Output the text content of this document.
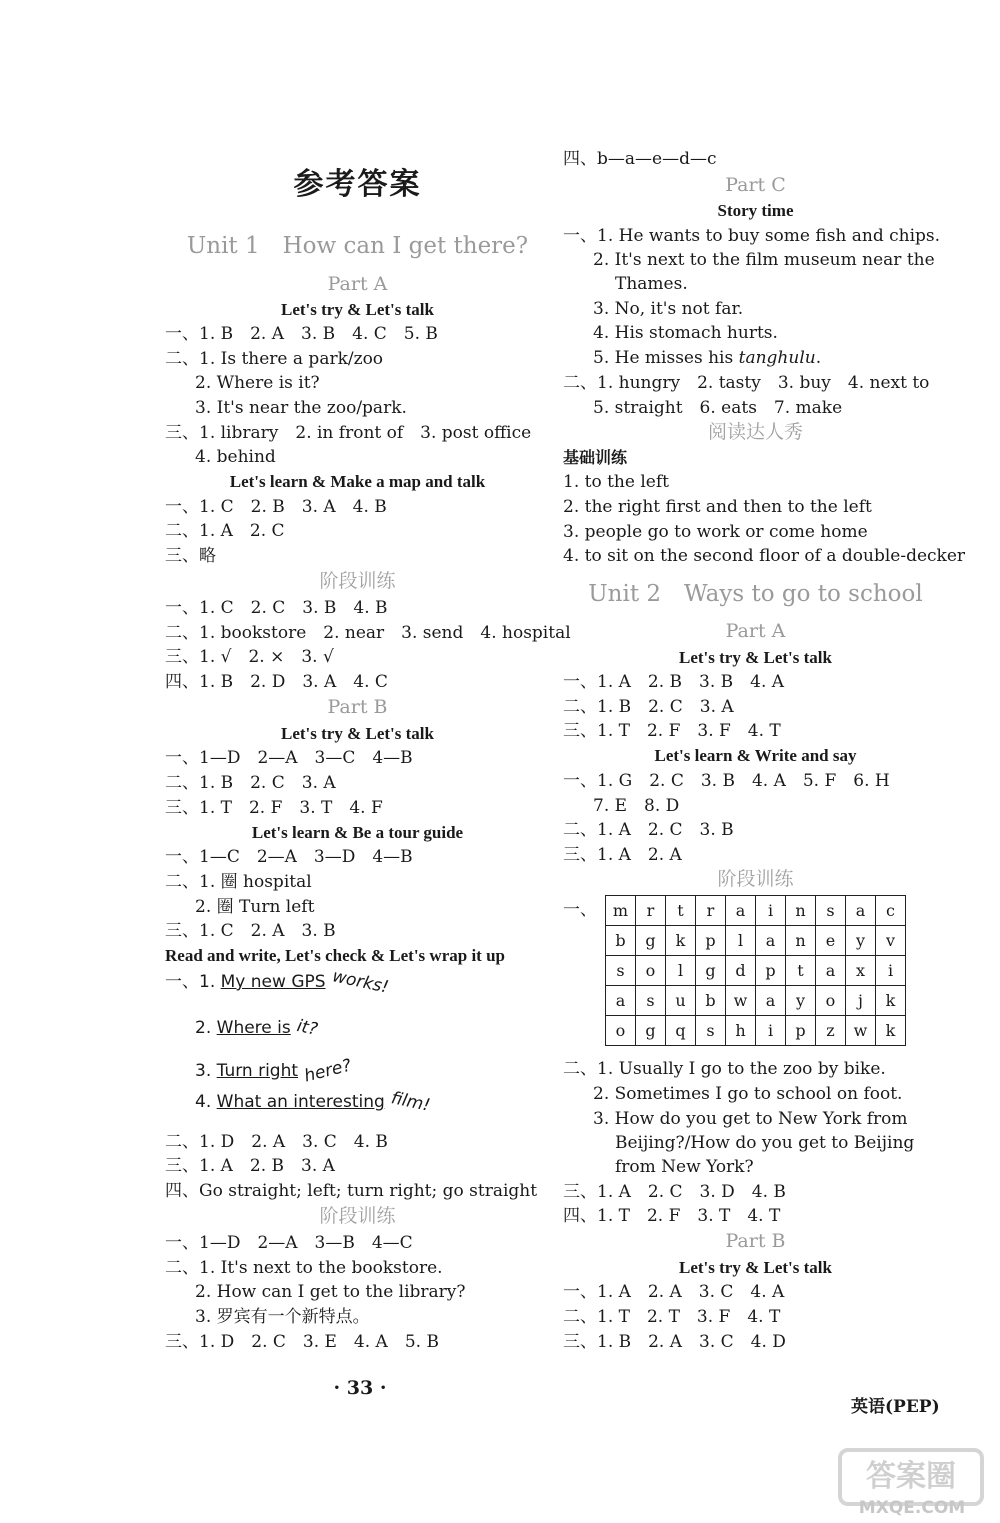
参考答案
Unit 1　How can I get there?
Part A
Let's try & Let's talk
一、1. B　2. A　3. B　4. C　5. B
二、1. Is there a park/zoo
2. Where is it?
3. It's near the zoo/park.
三、1. library　2. in front of　3. post office
4. behind
Let's learn & Make a map and talk
一、1. C　2. B　3. A　4. B
二、1. A　2. C
三、略
阶段训练
一、1. C　2. C　3. B　4. B
二、1. bookstore　2. near　3. send　4. hospital
三、1. √　2. ×　3. √
四、1. B　2. D　3. A　4. C
Part B
Let's try & Let's talk
一、1—D　2—A　3—C　4—B
二、1. B　2. C　3. A
三、1. T　2. F　3. T　4. F
Let's learn & Be a tour guide
一、1—C　2—A　3—D　4—B
二、1. 圈 hospital
2. 圈 Turn left
三、1. C　2. A　3. B
Read and write, Let's check & Let's wrap it up
一、1. My new GPS works!
2. Where is it?
3. Turn right here?
4. What an interesting film!
二、1. D　2. A　3. C　4. B
三、1. A　2. B　3. A
四、Go straight; left; turn right; go straight
阶段训练
一、1—D　2—A　3—B　4—C
二、1. It's next to the bookstore.
2. How can I get to the library?
3. 罗宾有一个新特点。
三、1. D　2. C　3. E　4. A　5. B
四、b—a—e—d—c
Part C
Story time
一、1. He wants to buy some fish and chips.
2. It's next to the film museum near the
Thames.
3. No, it's not far.
4. His stomach hurts.
5. He misses his tanghulu.
二、1. hungry　2. tasty　3. buy　4. next to
5. straight　6. eats　7. make
阅读达人秀
基础训练
1. to the left
2. the right first and then to the left
3. people go to work or come home
4. to sit on the second floor of a double-decker
Unit 2　Ways to go to school
Part A
Let's try & Let's talk
一、1. A　2. B　3. B　4. A
二、1. B　2. C　3. A
三、1. T　2. F　3. F　4. T
Let's learn & Write and say
一、1. G　2. C　3. B　4. A　5. F　6. H
7. E　8. D
二、1. A　2. C　3. B
三、1. A　2. A
阶段训练
一、 m	r	t	r	a	i	n	s	a	c
b	g	k	p	l	a	n	e	y	v
s	o	l	g	d	p	t	a	x	i
a	s	u	b	w	a	y	o	j	k
o	g	q	s	h	i	p	z	w	k
二、1. Usually I go to the zoo by bike.
2. Sometimes I go to school on foot.
3. How do you get to New York from
Beijing?/How do you get to Beijing
from New York?
三、1. A　2. C　3. D　4. B
四、1. T　2. F　3. T　4. T
Part B
Let's try & Let's talk
一、1. A　2. A　3. C　4. A
二、1. T　2. T　3. F　4. T
三、1. B　2. A　3. C　4. D
· 33 ·
英语(PEP)
答案圈
MXQE.COM
